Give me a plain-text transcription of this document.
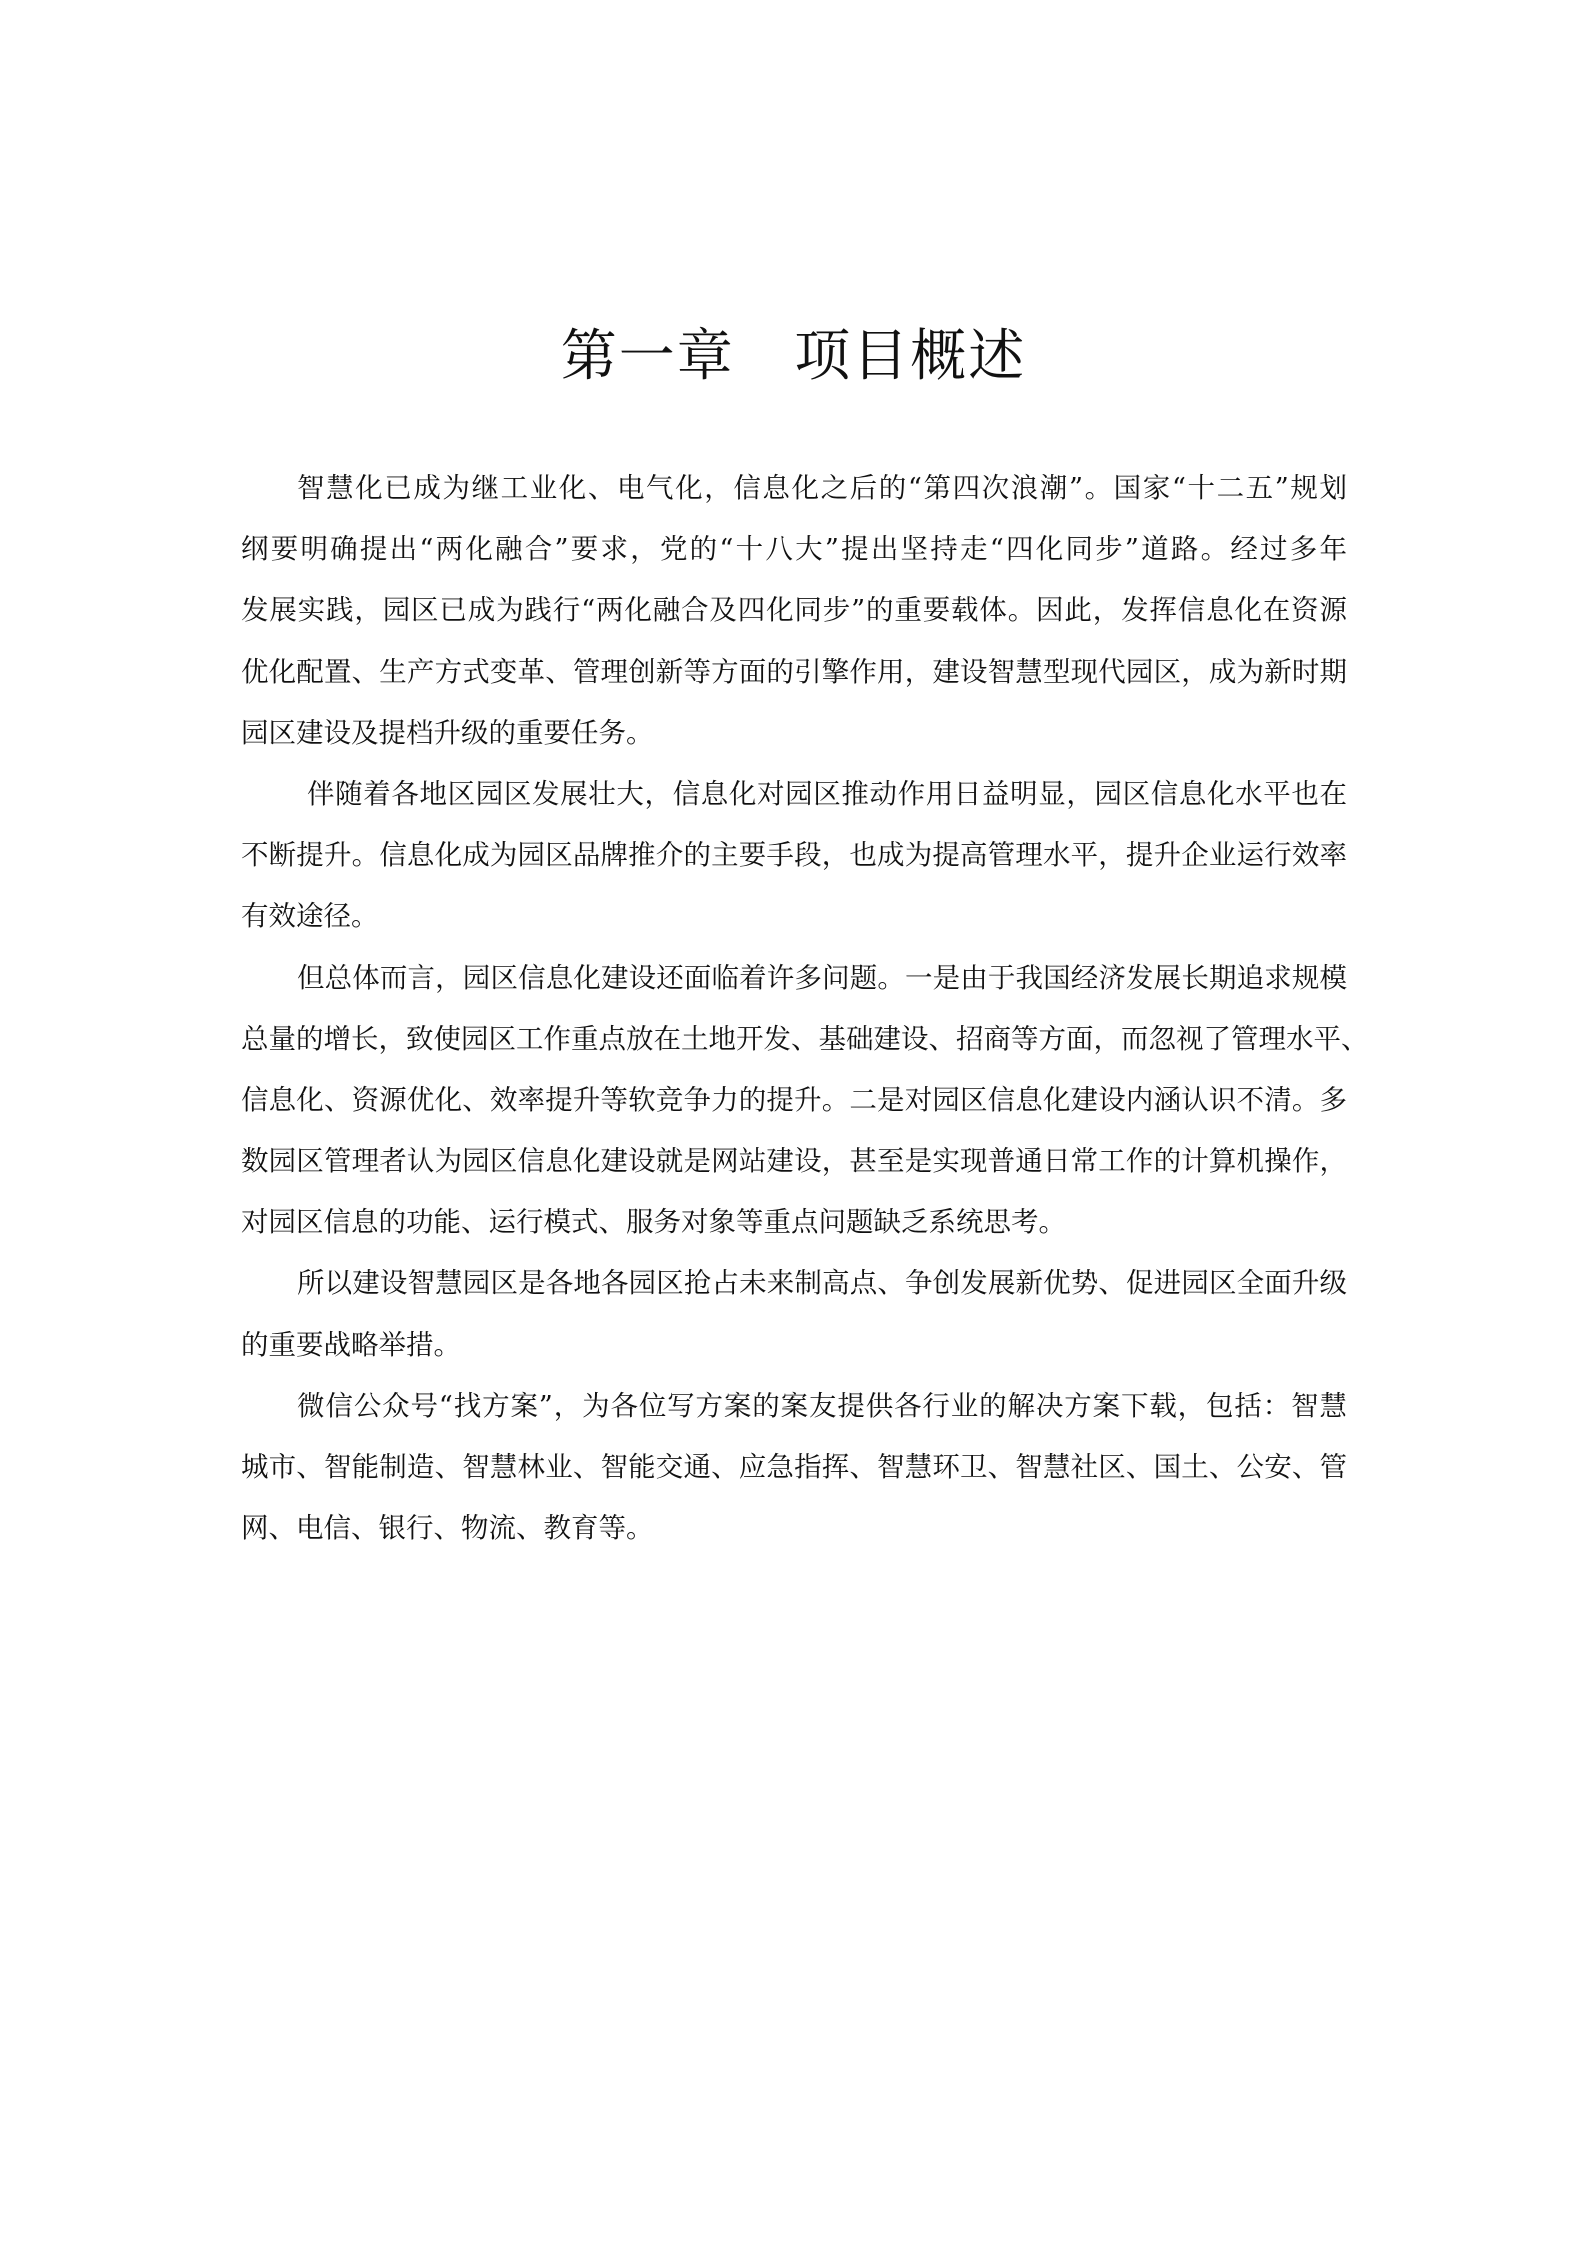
第一章   项目概述
智慧化已成为继工业化、电气化，信息化之后的“第四次浪潮”。国家“十二五”规划
纲要明确提出“两化融合”要求，党的“十八大”提出坚持走“四化同步”道路。经过多年
发展实践，园区已成为践行“两化融合及四化同步”的重要载体。因此，发挥信息化在资源
优化配置、生产方式变革、管理创新等方面的引擎作用，建设智慧型现代园区，成为新时期
园区建设及提档升级的重要任务。
伴随着各地区园区发展壮大，信息化对园区推动作用日益明显，园区信息化水平也在
不断提升。信息化成为园区品牌推介的主要手段，也成为提高管理水平，提升企业运行效率
有效途径。
但总体而言，园区信息化建设还面临着许多问题。一是由于我国经济发展长期追求规模
总量的增长，致使园区工作重点放在土地开发、基础建设、招商等方面，而忽视了管理水平、
信息化、资源优化、效率提升等软竞争力的提升。二是对园区信息化建设内涵认识不清。多
数园区管理者认为园区信息化建设就是网站建设，甚至是实现普通日常工作的计算机操作，
对园区信息的功能、运行模式、服务对象等重点问题缺乏系统思考。
所以建设智慧园区是各地各园区抢占未来制高点、争创发展新优势、促进园区全面升级
的重要战略举措。
微信公众号“找方案”，为各位写方案的案友提供各行业的解决方案下载，包括：智慧
城市、智能制造、智慧林业、智能交通、应急指挥、智慧环卫、智慧社区、国土、公安、管
网、电信、银行、物流、教育等。
